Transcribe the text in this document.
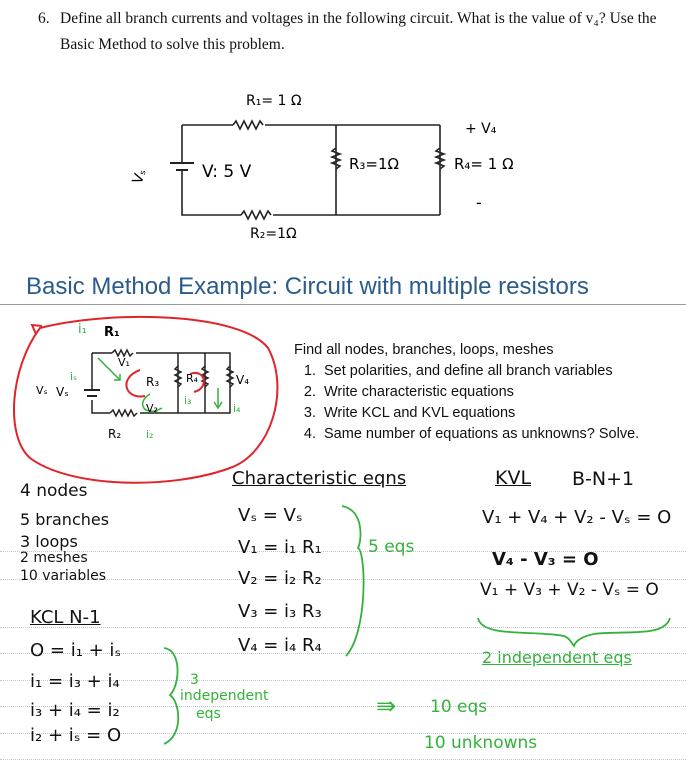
6. Define all branch currents and voltages in the following circuit. What is the value of v₄? Use the Basic Method to solve this problem.
R₁= 1 Ω
V: 5 V
Vₛ
R₃=1Ω	R₄= 1 Ω
R₂=1Ω
+ V₄
-
Basic Method Example: Circuit with multiple resistors
i₁ R₁
V₁
iₛ
Vₛ
Vₛ
R₃ R₄	V₄
i₄
i₃
V₂
R₂ i₂

Find all nodes, branches, loops, meshes

1. Set polarities, and define all branch variables
2. Write characteristic equations
3. Write KCL and KVL equations
4. Same number of equations as unknowns? Solve.
4 nodes
5 branches
3 loops
2 meshes
10 variables
KCL N-1
O = i₁ + iₛ
i₁ = i₃ + i₄
i₃ + i₄ = i₂
i₂ + iₛ = O
3
independent
eqs
Characteristic eqns
Vₛ = Vₛ
V₁ = i₁ R₁
V₂ = i₂ R₂
V₃ = i₃ R₃
V₄ = i₄ R₄
5 eqs
KVL B-N+1
V₁ + V₄ + V₂ - Vₛ = O
V₄ - V₃ = O
V₁ + V₃ + V₂ - Vₛ = O
2 independent eqs
⇛ 10 eqs
10 unknowns
